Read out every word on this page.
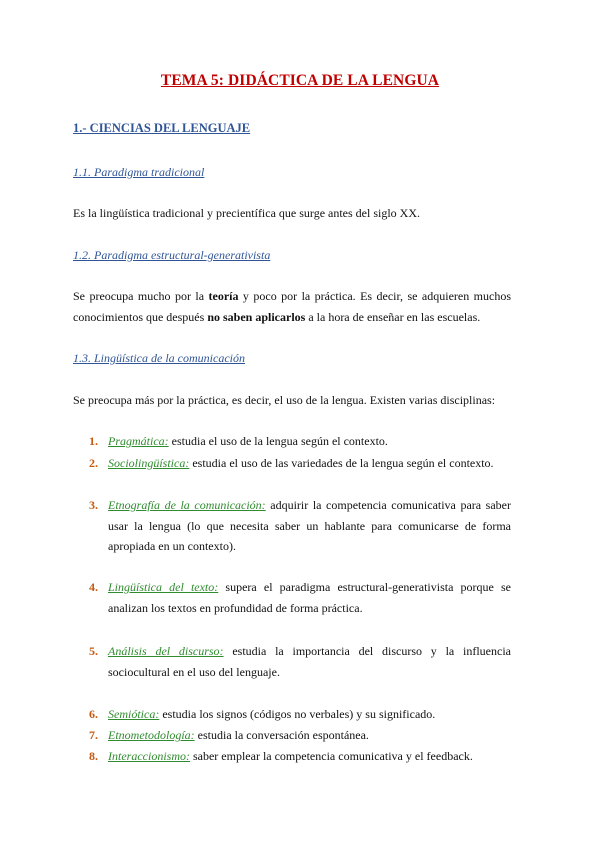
TEMA 5: DIDÁCTICA DE LA LENGUA
1.- CIENCIAS DEL LENGUAJE
1.1. Paradigma tradicional
Es la lingüística tradicional y precientífica que surge antes del siglo XX.
1.2. Paradigma estructural-generativista
Se preocupa mucho por la teoría y poco por la práctica. Es decir, se adquieren muchos conocimientos que después no saben aplicarlos a la hora de enseñar en las escuelas.
1.3. Lingüística de la comunicación
Se preocupa más por la práctica, es decir, el uso de la lengua. Existen varias disciplinas:
1. Pragmática: estudia el uso de la lengua según el contexto.
2. Sociolingüística: estudia el uso de las variedades de la lengua según el contexto.
3. Etnografía de la comunicación: adquirir la competencia comunicativa para saber usar la lengua (lo que necesita saber un hablante para comunicarse de forma apropiada en un contexto).
4. Lingüística del texto: supera el paradigma estructural-generativista porque se analizan los textos en profundidad de forma práctica.
5. Análisis del discurso: estudia la importancia del discurso y la influencia sociocultural en el uso del lenguaje.
6. Semiótica: estudia los signos (códigos no verbales) y su significado.
7. Etnometodología: estudia la conversación espontánea.
8. Interaccionismo: saber emplear la competencia comunicativa y el feedback.
